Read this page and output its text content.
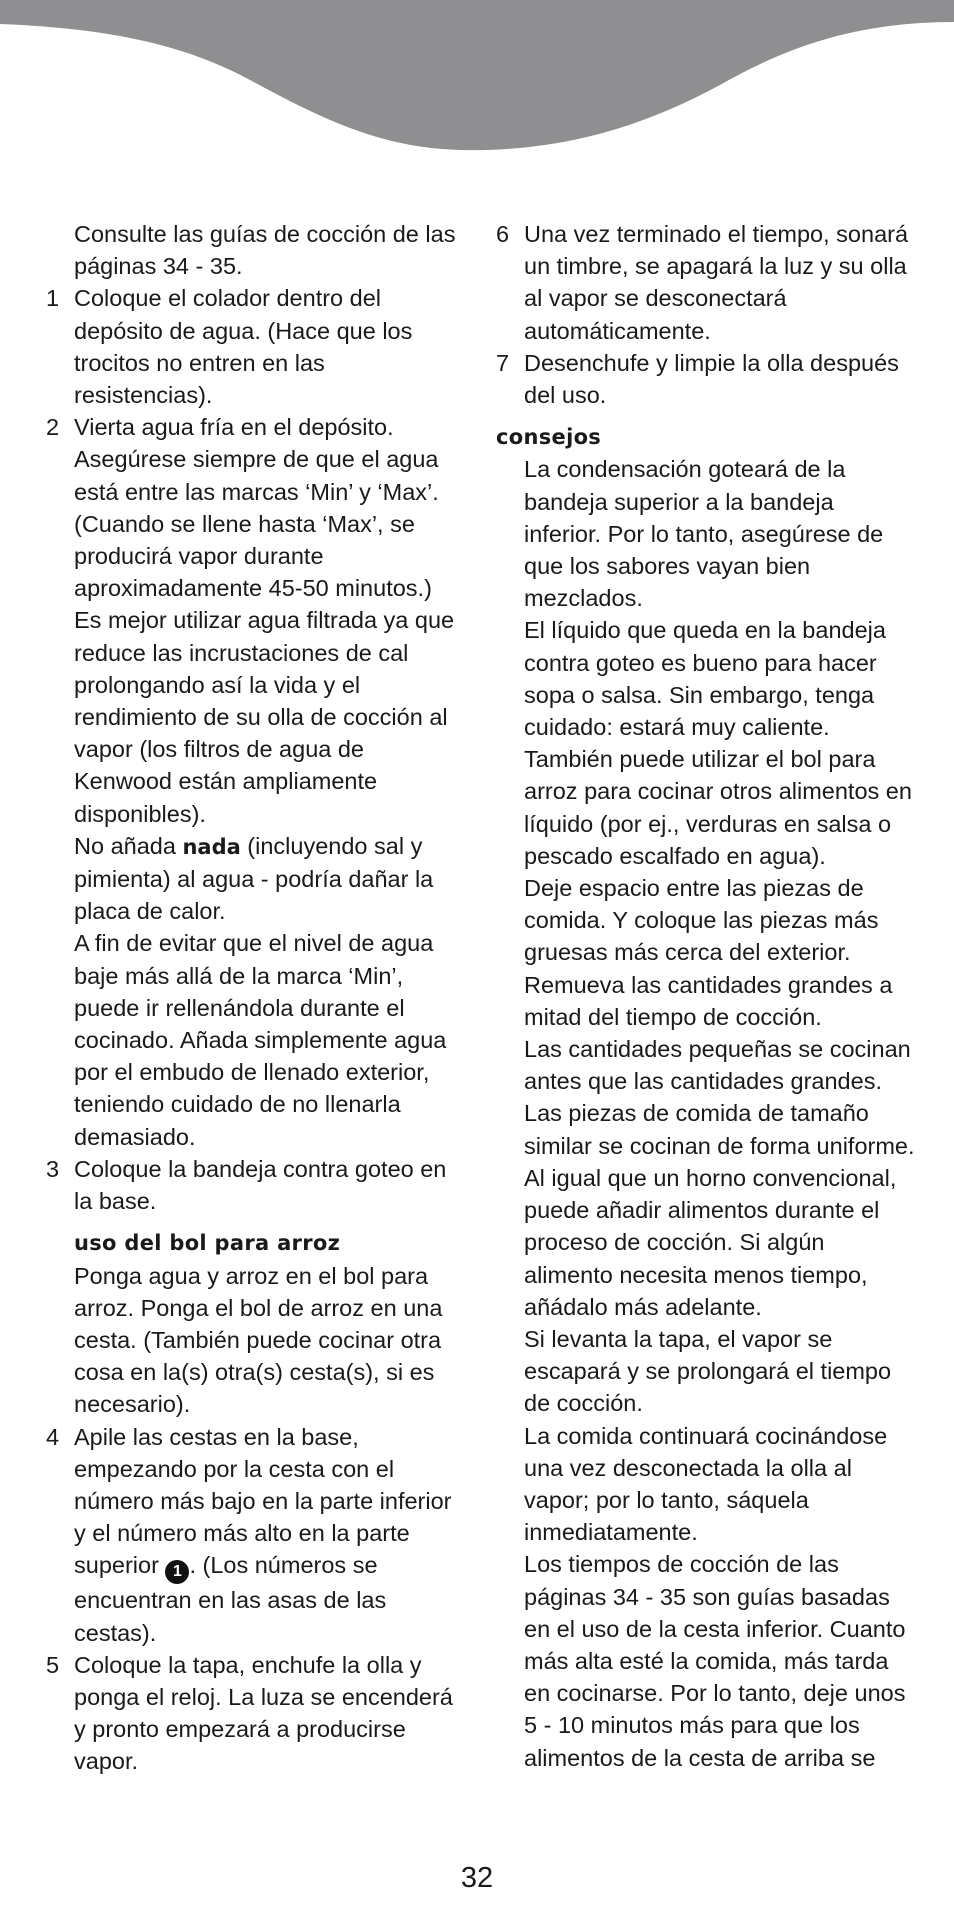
Consulte las guías de cocción de las páginas 34 - 35.

1 Coloque el colador dentro del depósito de agua. (Hace que los trocitos no entren en las resistencias).
2 Vierta agua fría en el depósito. Asegúrese siempre de que el agua está entre las marcas ‘Min’ y ‘Max’. (Cuando se llene hasta ‘Max’, se producirá vapor durante aproximadamente 45-50 minutos.)

Es mejor utilizar agua filtrada ya que reduce las incrustaciones de cal prolongando así la vida y el rendimiento de su olla de cocción al vapor (los filtros de agua de Kenwood están ampliamente disponibles).

No añada nada (incluyendo sal y pimienta) al agua - podría dañar la placa de calor.

A fin de evitar que el nivel de agua baje más allá de la marca ‘Min’, puede ir rellenándola durante el cocinado. Añada simplemente agua por el embudo de llenado exterior, teniendo cuidado de no llenarla demasiado.

3 Coloque la bandeja contra goteo en la base.

uso del bol para arroz

Ponga agua y arroz en el bol para arroz. Ponga el bol de arroz en una cesta. (También puede cocinar otra cosa en la(s) otra(s) cesta(s), si es necesario).

4 Apile las cestas en la base, empezando por la cesta con el número más bajo en la parte inferior y el número más alto en la parte superior 1 . (Los números se encuentran en las asas de las cestas).
5 Coloque la tapa, enchufe la olla y ponga el reloj. La luza se encenderá y pronto empezará a producirse vapor.
6 Una vez terminado el tiempo, sonará un timbre, se apagará la luz y su olla al vapor se desconectará automáticamente.
7 Desenchufe y limpie la olla después del uso.

consejos

La condensación goteará de la bandeja superior a la bandeja inferior. Por lo tanto, asegúrese de que los sabores vayan bien mezclados.

El líquido que queda en la bandeja contra goteo es bueno para hacer sopa o salsa. Sin embargo, tenga cuidado: estará muy caliente.

También puede utilizar el bol para arroz para cocinar otros alimentos en líquido (por ej., verduras en salsa o pescado escalfado en agua).

Deje espacio entre las piezas de comida. Y coloque las piezas más gruesas más cerca del exterior.

Remueva las cantidades grandes a mitad del tiempo de cocción.

Las cantidades pequeñas se cocinan antes que las cantidades grandes.

Las piezas de comida de tamaño similar se cocinan de forma uniforme.

Al igual que un horno convencional, puede añadir alimentos durante el proceso de cocción. Si algún alimento necesita menos tiempo, añádalo más adelante.

Si levanta la tapa, el vapor se escapará y se prolongará el tiempo de cocción.

La comida continuará cocinándose una vez desconectada la olla al vapor; por lo tanto, sáquela inmediatamente.

Los tiempos de cocción de las páginas 34 - 35 son guías basadas en el uso de la cesta inferior. Cuanto más alta esté la comida, más tarda en cocinarse. Por lo tanto, deje unos 5 - 10 minutos más para que los alimentos de la cesta de arriba se

32
